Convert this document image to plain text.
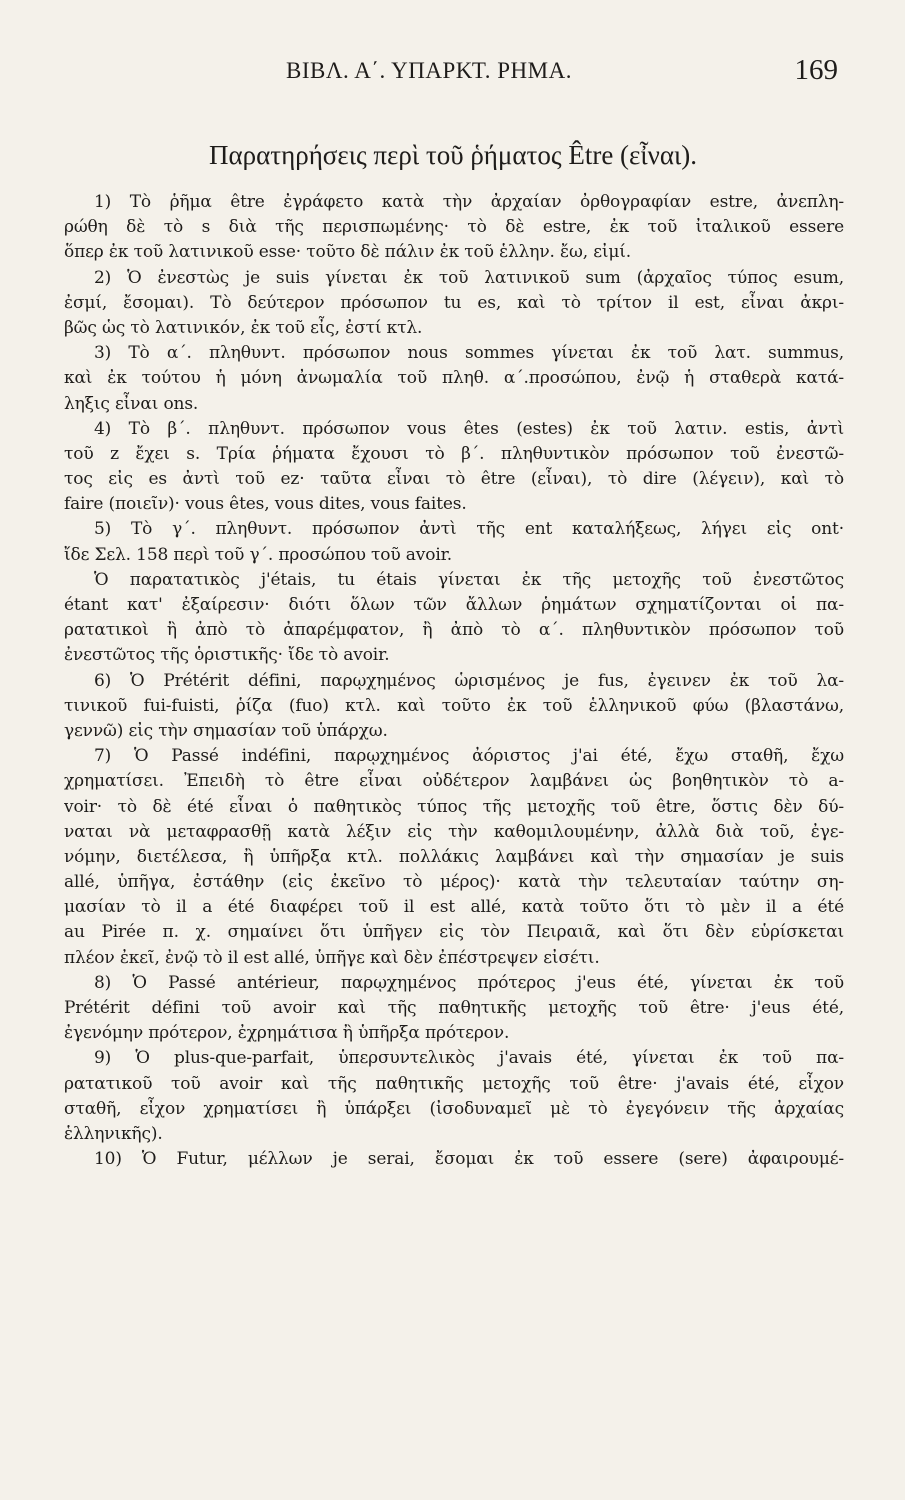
ΒΙΒΛ. Α΄. ΥΠΑΡΚΤ. ΡΗΜΑ.	169
Παρατηρήσεις περὶ τοῦ ῥήματος Être (εἶναι).
1) Τὸ ῥῆμα être ἐγράφετο κατὰ τὴν ἀρχαίαν ὀρθογραφίαν estre, ἀνεπλη-
ρώθη δὲ τὸ s διὰ τῆς περισπωμένης· τὸ δὲ estre, ἐκ τοῦ ἰταλικοῦ essere
ὅπερ ἐκ τοῦ λατινικοῦ esse· τοῦτο δὲ πάλιν ἐκ τοῦ ἑλλην. ἔω, εἰμί.
2) Ὁ ἐνεστὼς je suis γίνεται ἐκ τοῦ λατινικοῦ sum (ἀρχαῖος τύπος esum,
ἐσμί, ἔσομαι). Τὸ δεύτερον πρόσωπον tu es, καὶ τὸ τρίτον il est, εἶναι ἀκρι-
βῶς ὡς τὸ λατινικόν, ἐκ τοῦ εἶς, ἐστί κτλ.
3) Τὸ α΄. πληθυντ. πρόσωπον nous sommes γίνεται ἐκ τοῦ λατ. summus,
καὶ ἐκ τούτου ἡ μόνη ἀνωμαλία τοῦ πληθ. α΄.προσώπου, ἐνῷ ἡ σταθερὰ κατά-
ληξις εἶναι ons.
4) Τὸ β΄. πληθυντ. πρόσωπον vous êtes (estes) ἐκ τοῦ λατιν. estis, ἀντὶ
τοῦ z ἔχει s. Τρία ῥήματα ἔχουσι τὸ β΄. πληθυντικὸν πρόσωπον τοῦ ἐνεστῶ-
τος εἰς es ἀντὶ τοῦ ez· ταῦτα εἶναι τὸ être (εἶναι), τὸ dire (λέγειν), καὶ τὸ
faire (ποιεῖν)· vous êtes, vous dites, vous faites.
5) Τὸ γ΄. πληθυντ. πρόσωπον ἀντὶ τῆς ent καταλήξεως, λήγει εἰς ont·
ἴδε Σελ. 158 περὶ τοῦ γ΄. προσώπου τοῦ avoir.
Ὁ παρατατικὸς j'étais, tu étais γίνεται ἐκ τῆς μετοχῆς τοῦ ἐνεστῶτος
étant κατ' ἐξαίρεσιν· διότι ὅλων τῶν ἄλλων ῥημάτων σχηματίζονται οἱ πα-
ρατατικοὶ ἢ ἀπὸ τὸ ἀπαρέμφατον, ἢ ἀπὸ τὸ α΄. πληθυντικὸν πρόσωπον τοῦ
ἐνεστῶτος τῆς ὁριστικῆς· ἴδε τὸ avoir.
6) Ὁ Prétérit défini, παρῳχημένος ὡρισμένος je fus, ἐγεινεν ἐκ τοῦ λα-
τινικοῦ fui-fuisti, ῥίζα (fuo) κτλ. καὶ τοῦτο ἐκ τοῦ ἑλληνικοῦ φύω (βλαστάνω,
γεννῶ) εἰς τὴν σημασίαν τοῦ ὑπάρχω.
7) Ὁ Passé indéfini, παρῳχημένος ἀόριστος j'ai été, ἔχω σταθῆ, ἔχω
χρηματίσει. Ἐπειδὴ τὸ être εἶναι οὐδέτερον λαμβάνει ὡς βοηθητικὸν τὸ a-
voir· τὸ δὲ été εἶναι ὁ παθητικὸς τύπος τῆς μετοχῆς τοῦ être, ὅστις δὲν δύ-
ναται νὰ μεταφρασθῇ κατὰ λέξιν εἰς τὴν καθομιλουμένην, ἀλλὰ διὰ τοῦ, ἐγε-
νόμην, διετέλεσα, ἢ ὑπῆρξα κτλ. πολλάκις λαμβάνει καὶ τὴν σημασίαν je suis
allé, ὑπῆγα, ἐστάθην (εἰς ἐκεῖνο τὸ μέρος)· κατὰ τὴν τελευταίαν ταύτην ση-
μασίαν τὸ il a été διαφέρει τοῦ il est allé, κατὰ τοῦτο ὅτι τὸ μὲν il a été
au Pirée π. χ. σημαίνει ὅτι ὑπῆγεν εἰς τὸν Πειραιᾶ, καὶ ὅτι δὲν εὑρίσκεται
πλέον ἐκεῖ, ἐνῷ τὸ il est allé, ὑπῆγε καὶ δὲν ἐπέστρεψεν εἰσέτι.
8) Ὁ Passé antérieur, παρῳχημένος πρότερος j'eus été, γίνεται ἐκ τοῦ
Prétérit défini τοῦ avoir καὶ τῆς παθητικῆς μετοχῆς τοῦ être· j'eus été,
ἐγενόμην πρότερον, ἐχρημάτισα ἢ ὑπῆρξα πρότερον.
9) Ὁ plus-que-parfait, ὑπερσυντελικὸς j'avais été, γίνεται ἐκ τοῦ πα-
ρατατικοῦ τοῦ avoir καὶ τῆς παθητικῆς μετοχῆς τοῦ être· j'avais été, εἶχον
σταθῆ, εἶχον χρηματίσει ἢ ὑπάρξει (ἰσοδυναμεῖ μὲ τὸ ἐγεγόνειν τῆς ἀρχαίας
ἑλληνικῆς).
10) Ὁ Futur, μέλλων je serai, ἔσομαι ἐκ τοῦ essere (sere) ἀφαιρουμέ-
